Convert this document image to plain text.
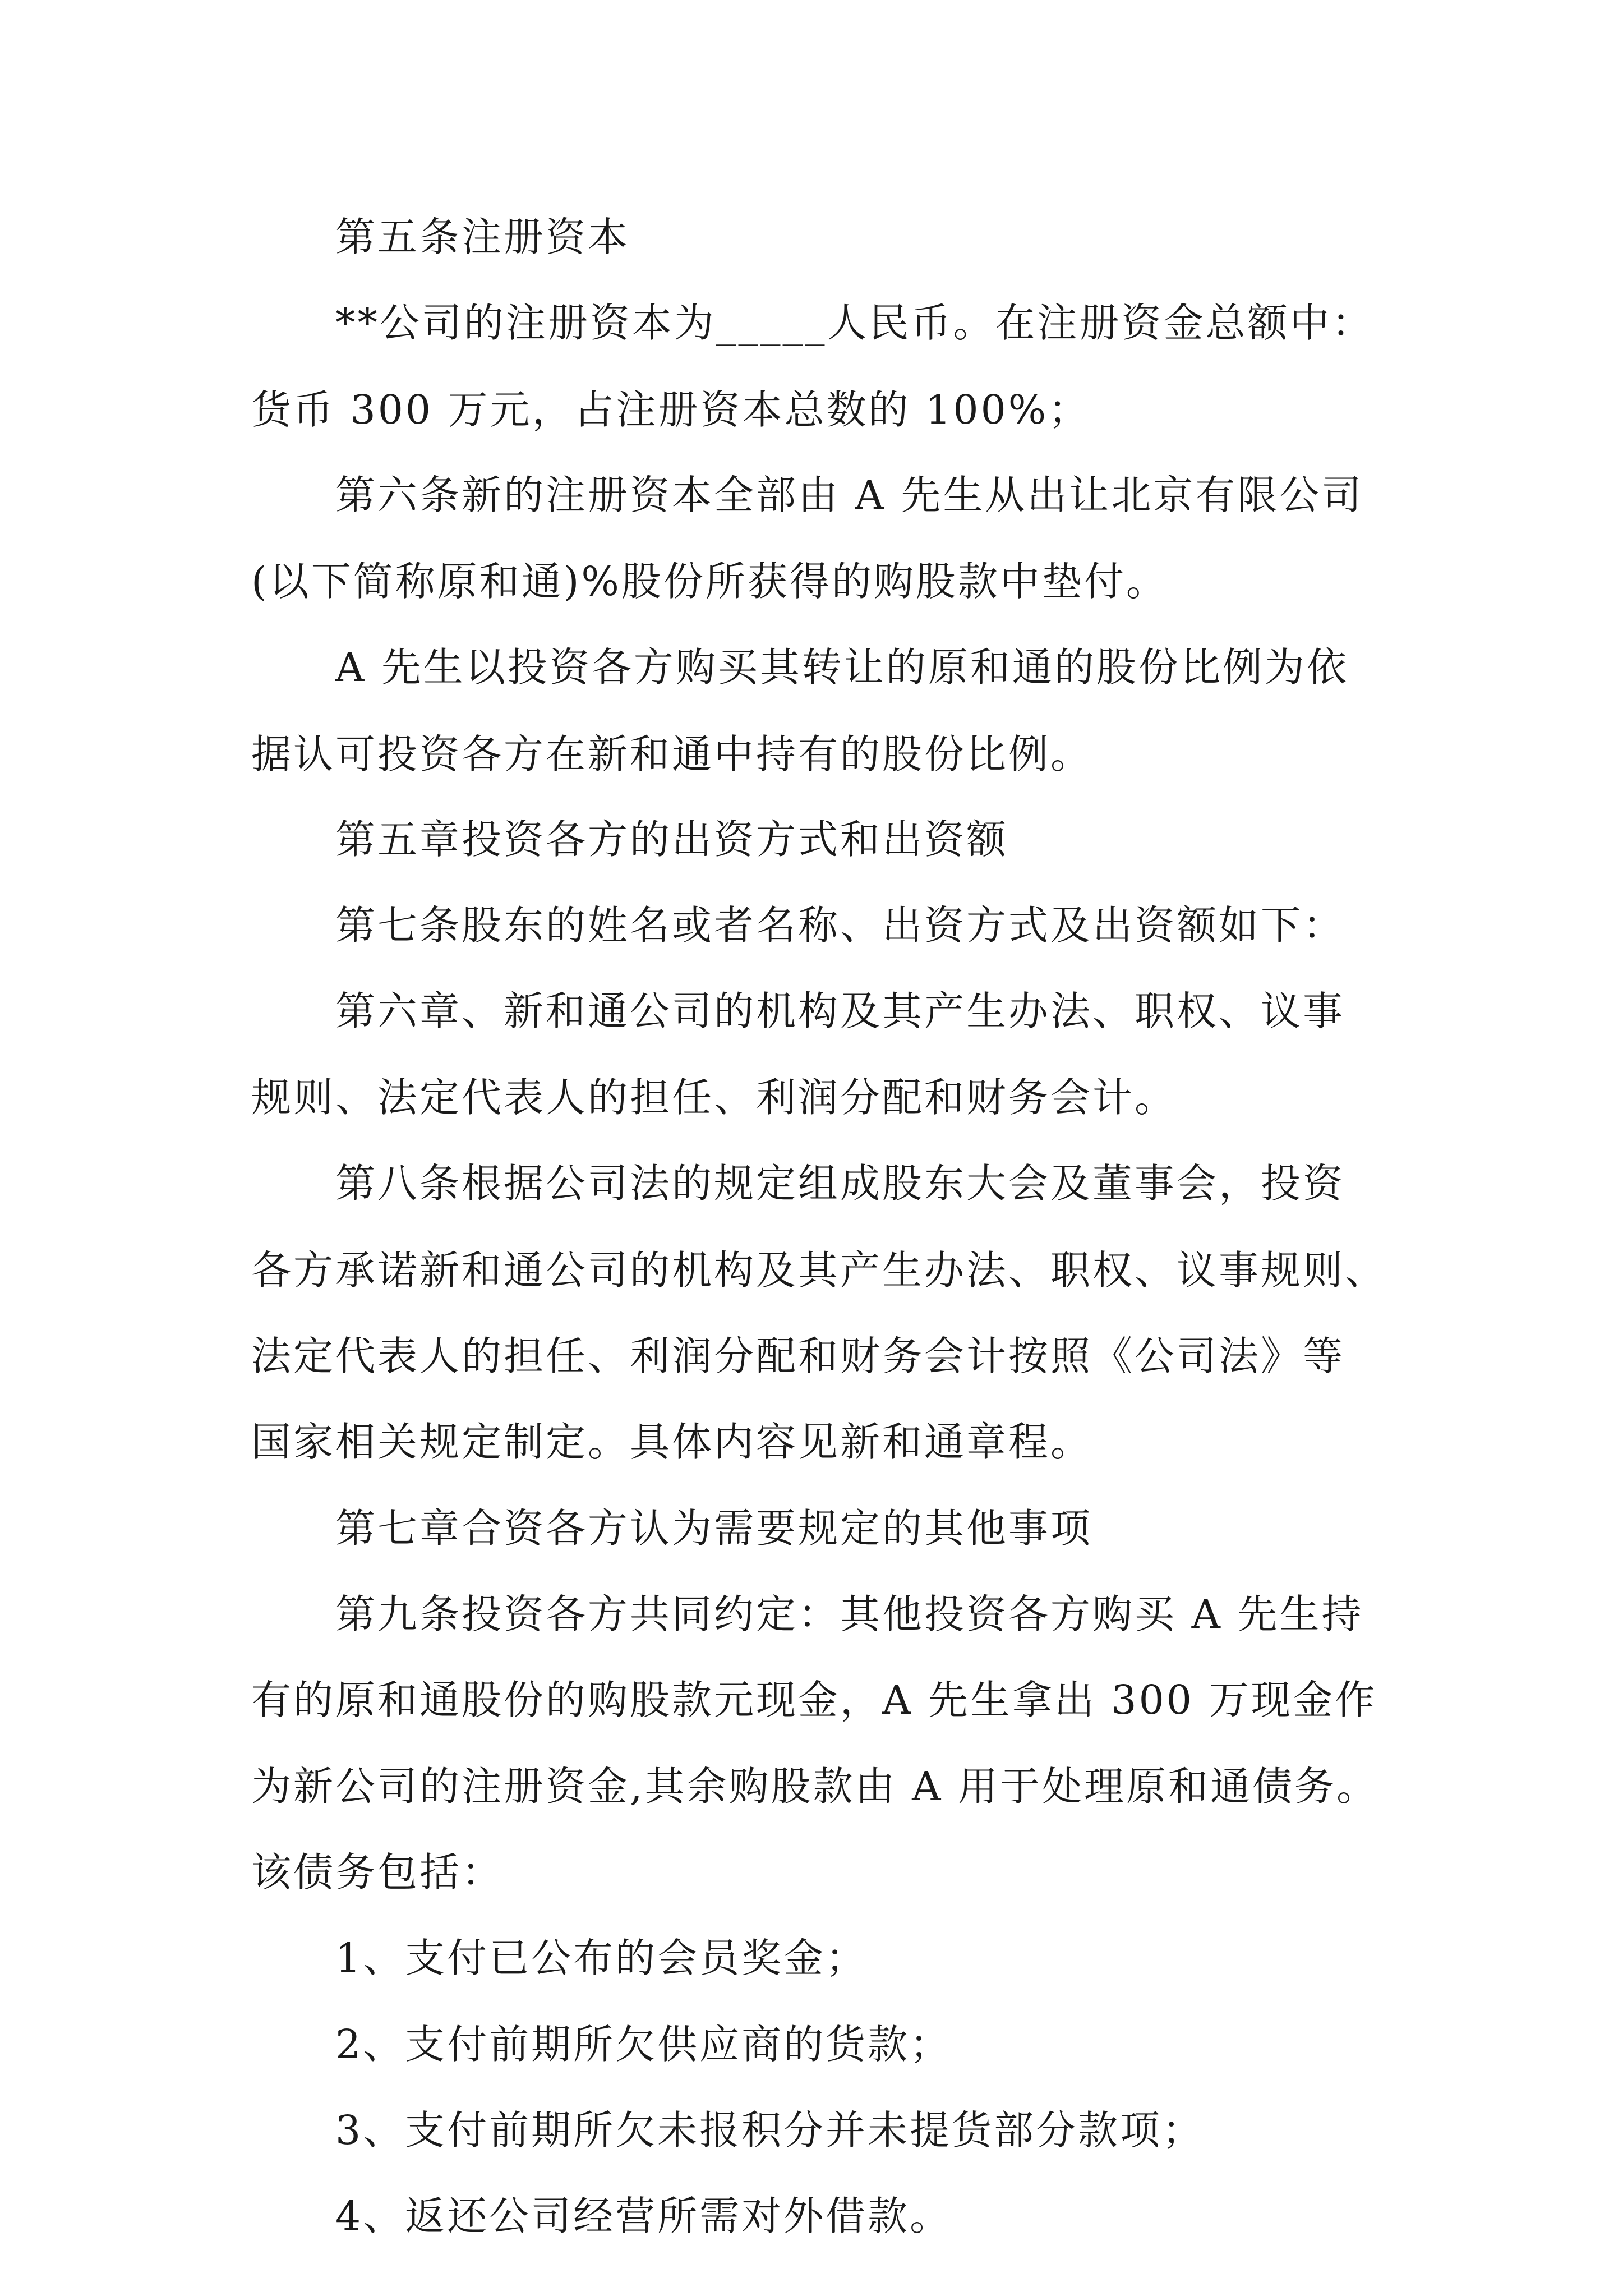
第五条注册资本
**公司的注册资本为_____人民币。在注册资金总额中：
货币 300 万元，占注册资本总数的 100%；
第六条新的注册资本全部由 A 先生从出让北京有限公司
(以下简称原和通)%股份所获得的购股款中垫付。
A 先生以投资各方购买其转让的原和通的股份比例为依
据认可投资各方在新和通中持有的股份比例。
第五章投资各方的出资方式和出资额
第七条股东的姓名或者名称、出资方式及出资额如下：
第六章、新和通公司的机构及其产生办法、职权、议事
规则、法定代表人的担任、利润分配和财务会计。
第八条根据公司法的规定组成股东大会及董事会，投资
各方承诺新和通公司的机构及其产生办法、职权、议事规则、
法定代表人的担任、利润分配和财务会计按照《公司法》等
国家相关规定制定。具体内容见新和通章程。
第七章合资各方认为需要规定的其他事项
第九条投资各方共同约定：其他投资各方购买 A 先生持
有的原和通股份的购股款元现金，A 先生拿出 300 万现金作
为新公司的注册资金,其余购股款由 A 用于处理原和通债务。
该债务包括：
1、支付已公布的会员奖金；
2、支付前期所欠供应商的货款；
3、支付前期所欠未报积分并未提货部分款项；
4、返还公司经营所需对外借款。
